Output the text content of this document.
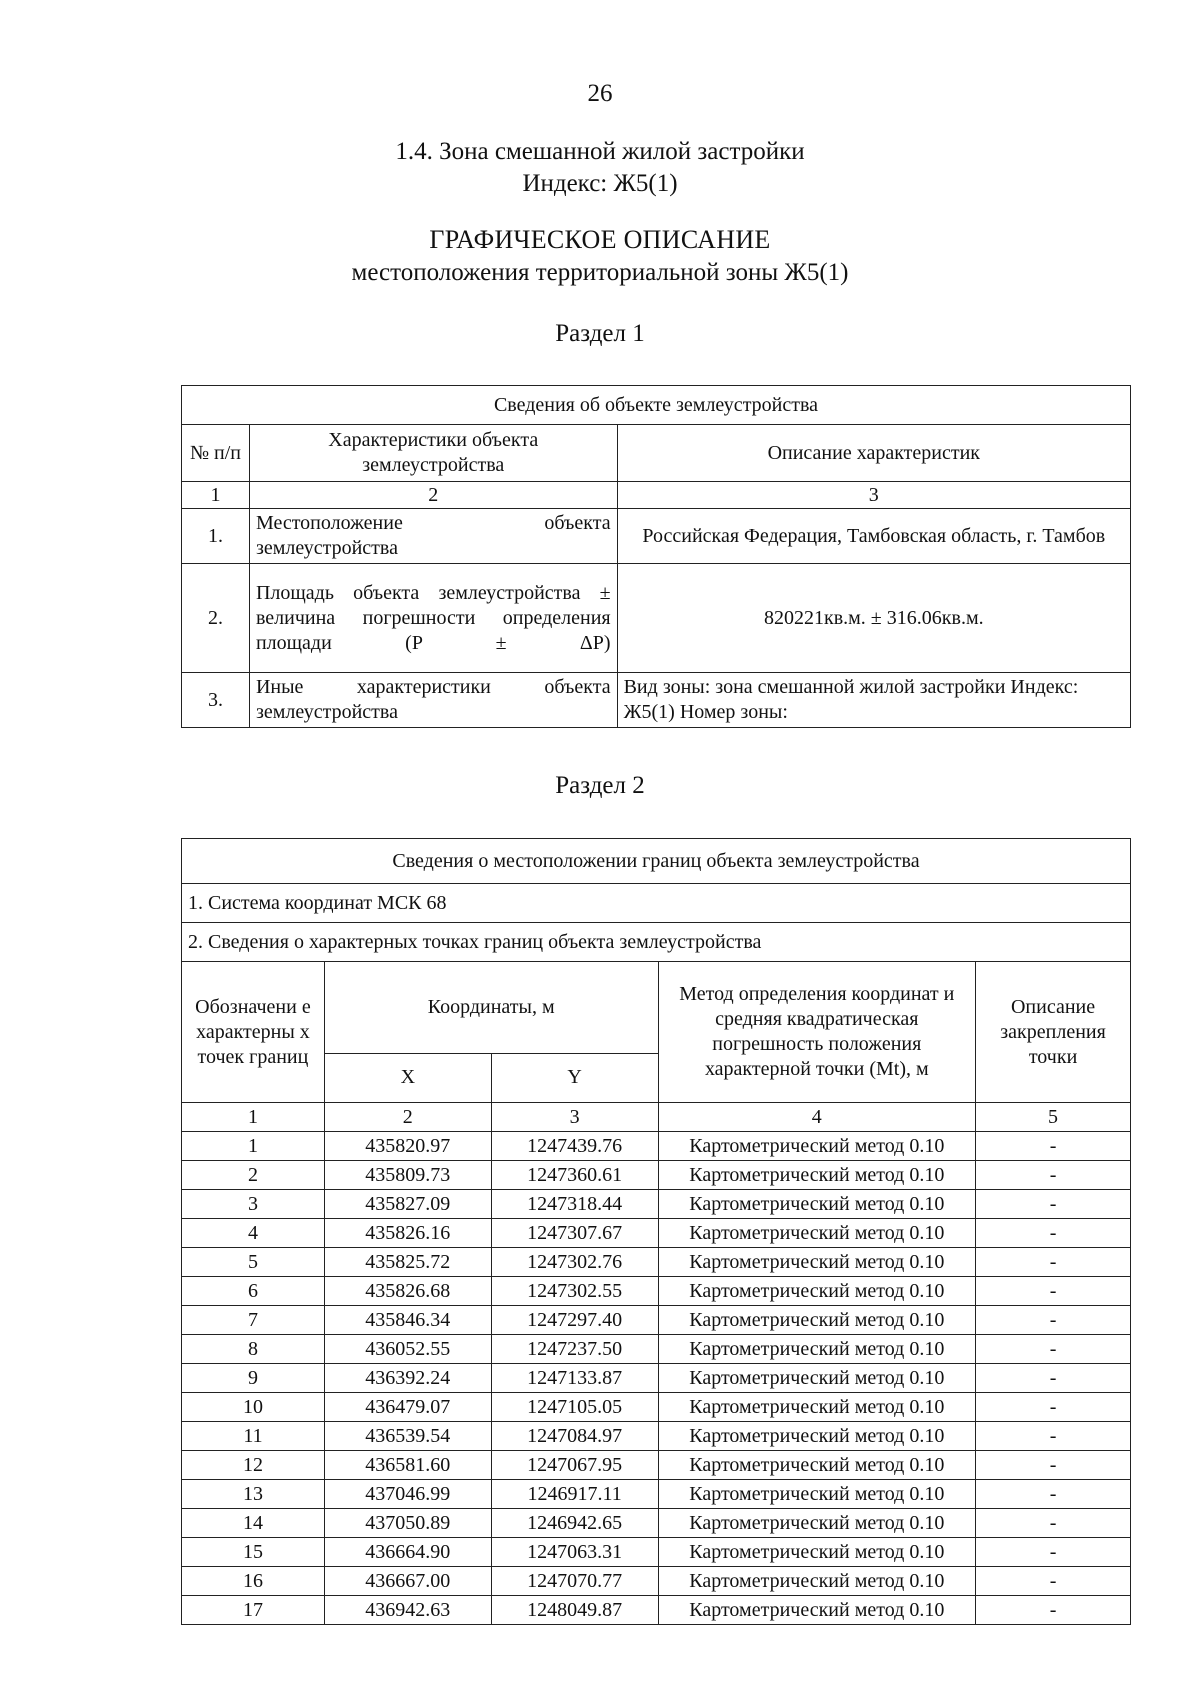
26
1.4. Зона смешанной жилой застройки
Индекс: Ж5(1)
ГРАФИЧЕСКОЕ ОПИСАНИЕ
местоположения территориальной зоны Ж5(1)
Раздел 1
Сведения об объекте землеустройства		
№ п/п	Характеристики объекта землеустройства	Описание характеристик
1	2	3
1.	Местоположение объекта землеустройства	Российская Федерация, Тамбовская область, г. Тамбов
2.	Площадь объекта землеустройства ± величина погрешности определения площади (P ± ΔP)	820221кв.м. ± 316.06кв.м.
3.	Иные характеристики объекта землеустройства	Вид зоны: зона смешанной жилой застройки Индекс: Ж5(1) Номер зоны:
Раздел 2
Сведения о местоположении границ объекта землеустройства				
1. Система координат МСК 68				
2. Сведения о характерных точках границ объекта землеустройства				
Обозначени е характерны х точек границ	Координаты, м		Метод определения координат и средняя квадратическая погрешность положения характерной точки (Mt), м	Описание закрепления точки
	X	Y		
1	2	3	4	5
1	435820.97	1247439.76	Картометрический метод 0.10	-
2	435809.73	1247360.61	Картометрический метод 0.10	-
3	435827.09	1247318.44	Картометрический метод 0.10	-
4	435826.16	1247307.67	Картометрический метод 0.10	-
5	435825.72	1247302.76	Картометрический метод 0.10	-
6	435826.68	1247302.55	Картометрический метод 0.10	-
7	435846.34	1247297.40	Картометрический метод 0.10	-
8	436052.55	1247237.50	Картометрический метод 0.10	-
9	436392.24	1247133.87	Картометрический метод 0.10	-
10	436479.07	1247105.05	Картометрический метод 0.10	-
11	436539.54	1247084.97	Картометрический метод 0.10	-
12	436581.60	1247067.95	Картометрический метод 0.10	-
13	437046.99	1246917.11	Картометрический метод 0.10	-
14	437050.89	1246942.65	Картометрический метод 0.10	-
15	436664.90	1247063.31	Картометрический метод 0.10	-
16	436667.00	1247070.77	Картометрический метод 0.10	-
17	436942.63	1248049.87	Картометрический метод 0.10	-
